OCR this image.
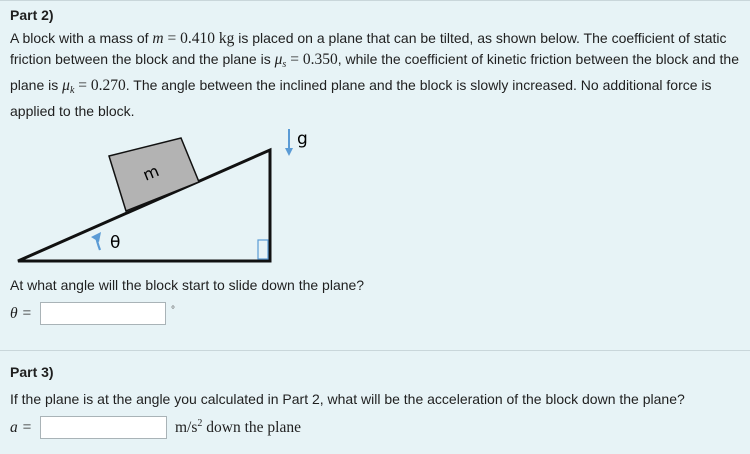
Part 2)
A block with a mass of m = 0.410 kg is placed on a plane that can be tilted, as shown below. The coefficient of static friction between the block and the plane is $\mu_s = 0.350$, while the coefficient of kinetic friction between the block and the plane is $\mu_k = 0.270$. The angle between the inclined plane and the block is slowly increased. No additional force is applied to the block.
m
g
θ
At what angle will the block start to slide down the plane?
θ =	°
Part 3)
If the plane is at the angle you calculated in Part 2, what will be the acceleration of the block down the plane?
a =	$m/s^2$ down the plane
